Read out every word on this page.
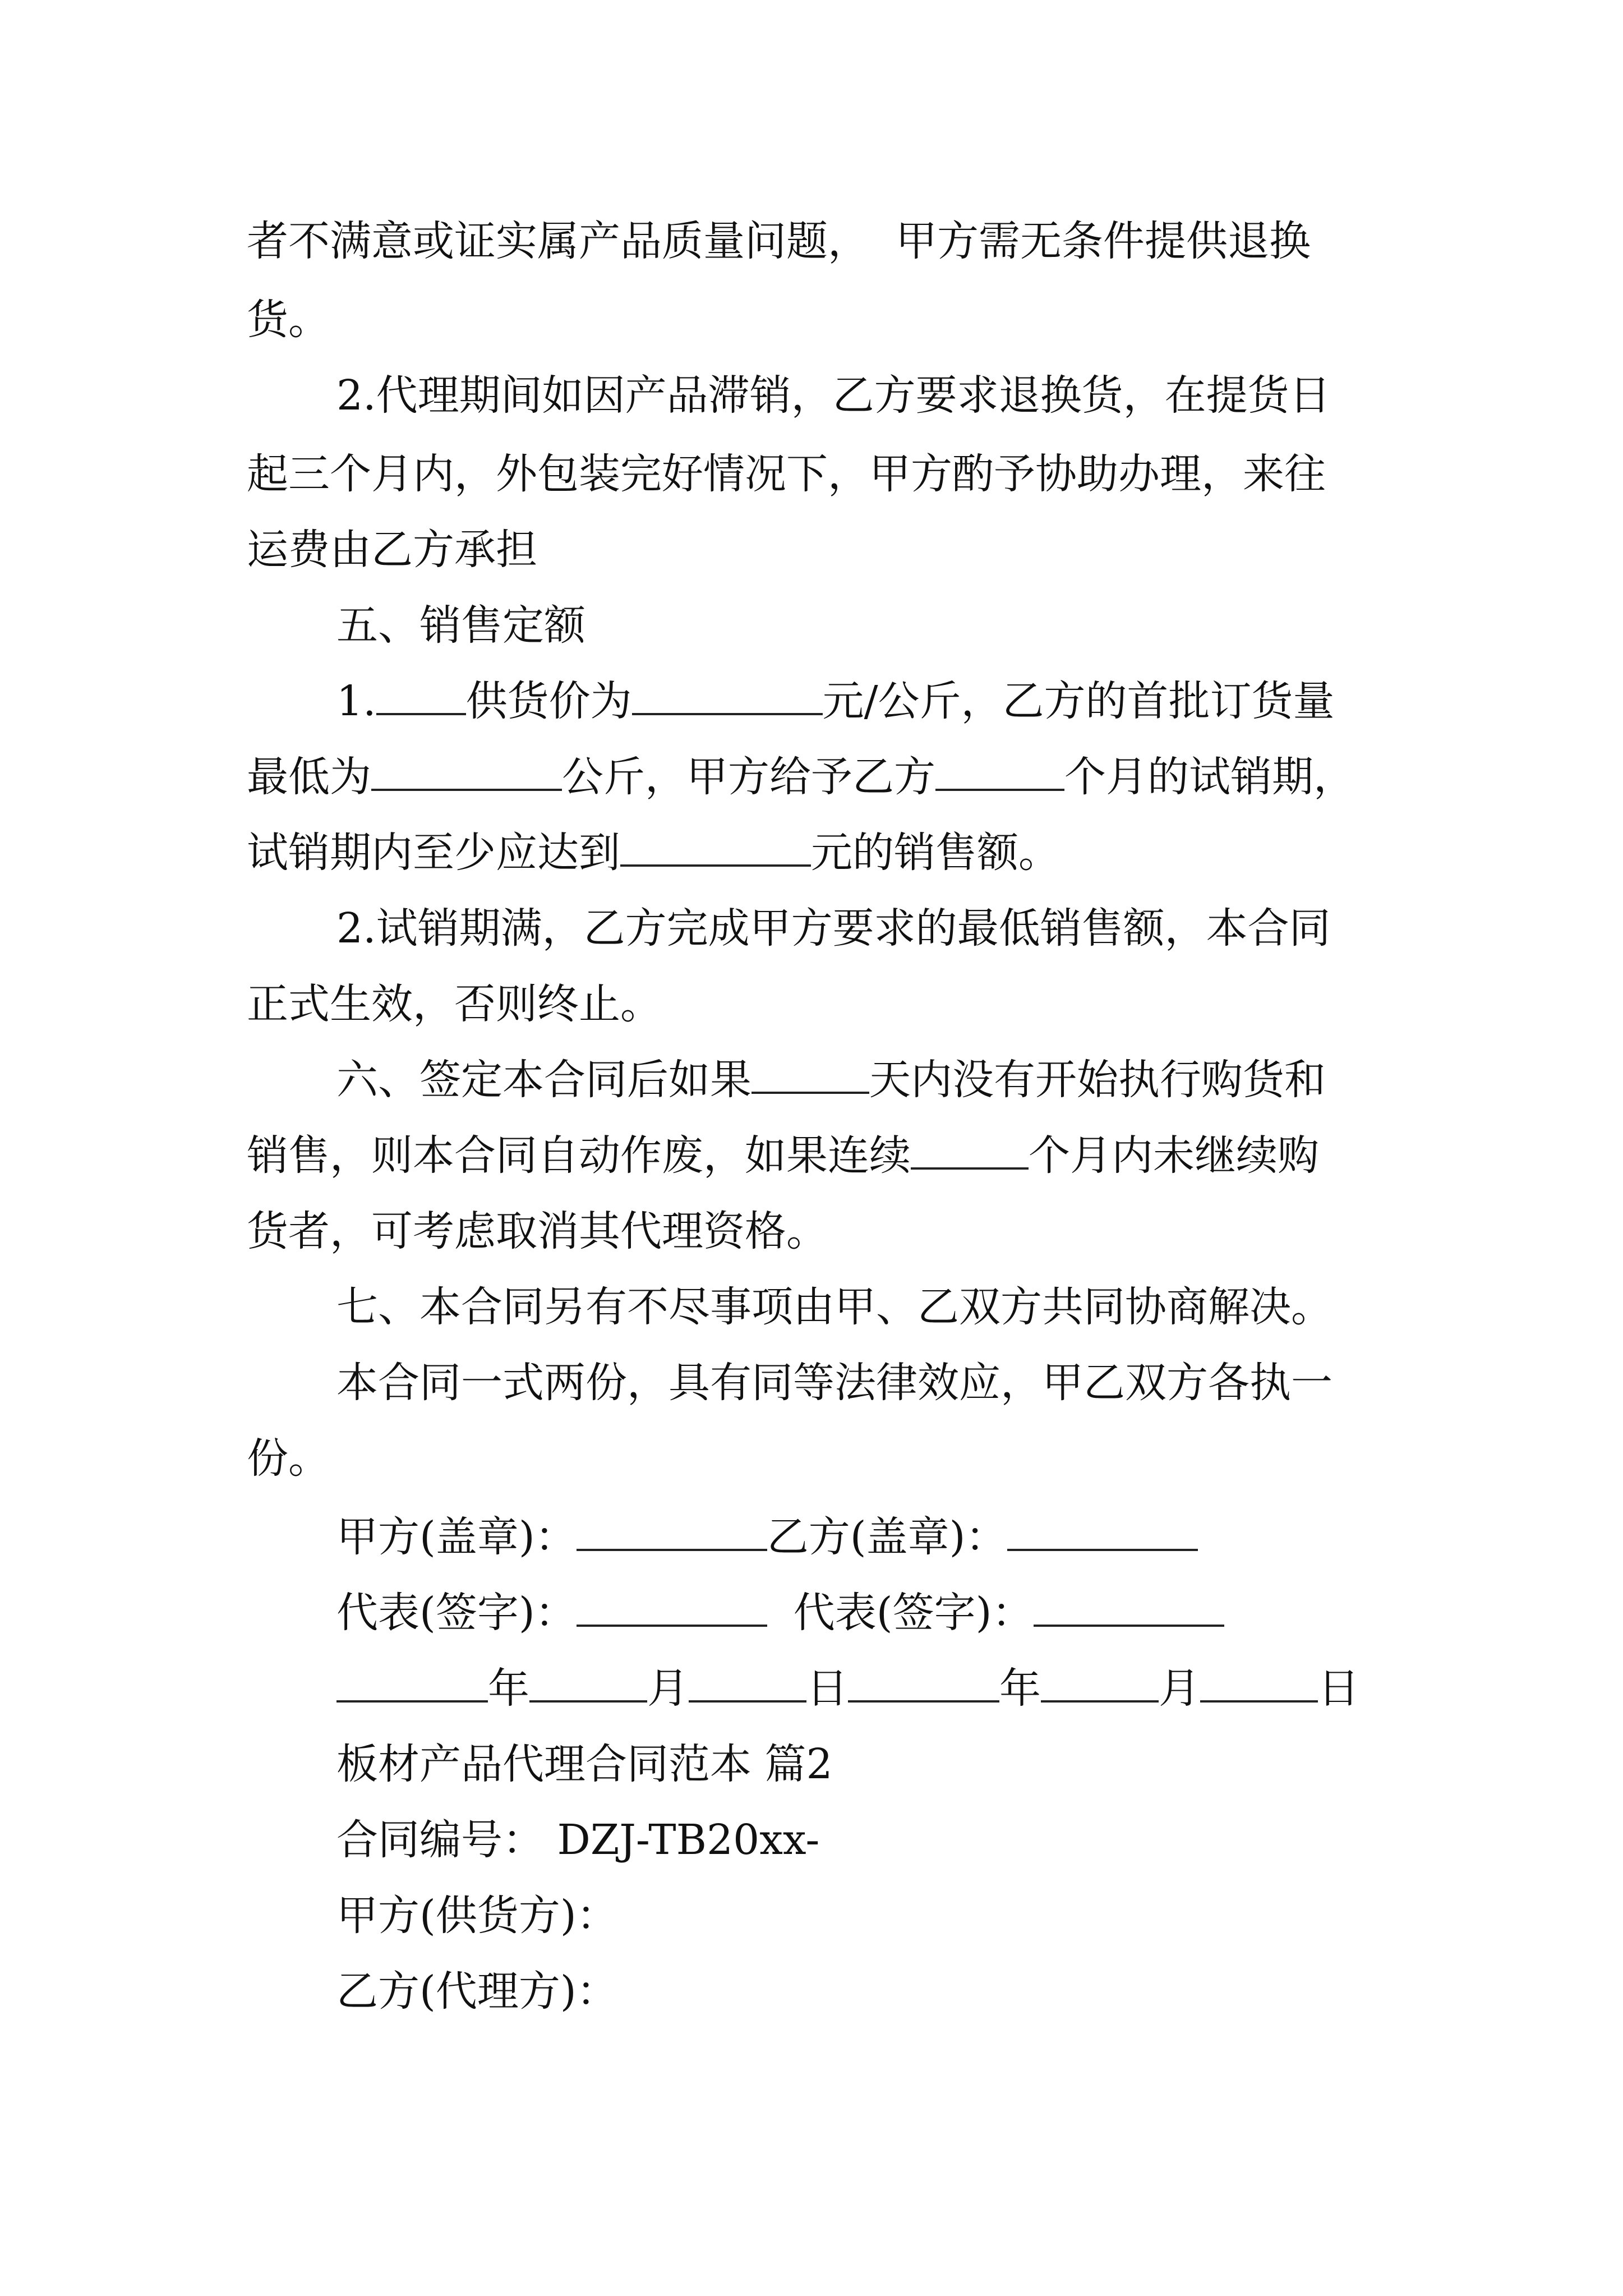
者不满意或证实属产品质量问题，  甲方需无条件提供退换
货。
2.代理期间如因产品滞销，乙方要求退换货，在提货日
起三个月内，外包装完好情况下，甲方酌予协助办理，来往
运费由乙方承担
五、销售定额
1. 供货价为	元/公斤，乙方的首批订货量
最低为	公斤，甲方给予乙方	个月的试销期，
试销期内至少应达到	元的销售额。
2.试销期满，乙方完成甲方要求的最低销售额，本合同
正式生效，否则终止。
六、签定本合同后如果	天内没有开始执行购货和
销售，则本合同自动作废，如果连续	个月内未继续购
货者，可考虑取消其代理资格。
七、本合同另有不尽事项由甲、乙双方共同协商解决。
本合同一式两份，具有同等法律效应，甲乙双方各执一
份。
甲方(盖章)：	乙方(盖章)：
代表(签字)：	代表(签字)：
年	月	日	年	月	日
板材产品代理合同范本 篇2
合同编号： DZJ-TB20xx-
甲方(供货方)：
乙方(代理方)：
